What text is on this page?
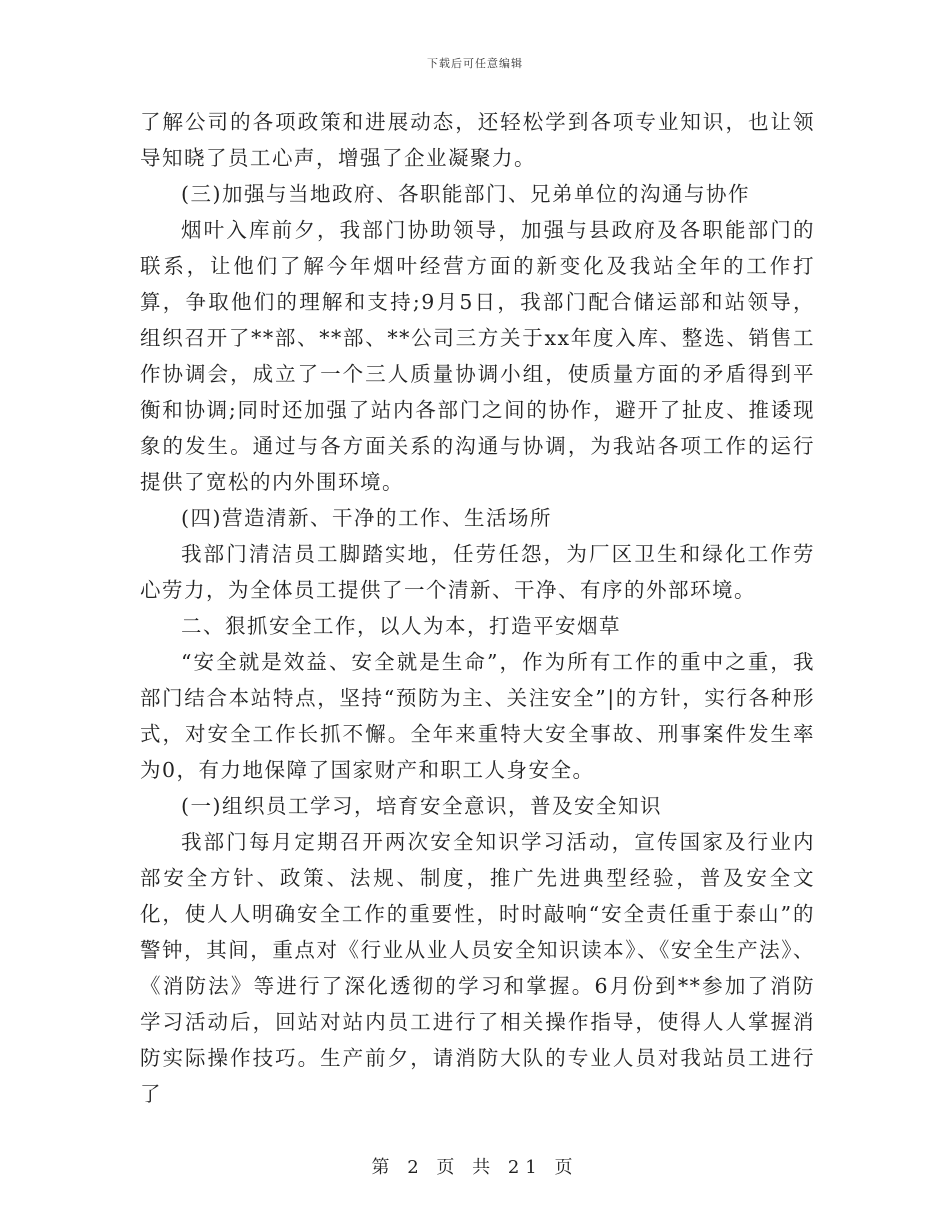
下载后可任意编辑

了解公司的各项政策和进展动态，还轻松学到各项专业知识，也让领导知晓了员工心声，增强了企业凝聚力。

(三)加强与当地政府、各职能部门、兄弟单位的沟通与协作

烟叶入库前夕，我部门协助领导，加强与县政府及各职能部门的联系，让他们了解今年烟叶经营方面的新变化及我站全年的工作打算，争取他们的理解和支持;9月5日，我部门配合储运部和站领导，组织召开了**部、**部、**公司三方关于xx年度入库、整选、销售工作协调会，成立了一个三人质量协调小组，使质量方面的矛盾得到平衡和协调;同时还加强了站内各部门之间的协作，避开了扯皮、推诿现象的发生。通过与各方面关系的沟通与协调，为我站各项工作的运行提供了宽松的内外围环境。

(四)营造清新、干净的工作、生活场所

我部门清洁员工脚踏实地，任劳任怨，为厂区卫生和绿化工作劳心劳力，为全体员工提供了一个清新、干净、有序的外部环境。

二、狠抓安全工作，以人为本，打造平安烟草

“安全就是效益、安全就是生命”，作为所有工作的重中之重，我部门结合本站特点，坚持“预防为主、关注安全”|的方针，实行各种形式，对安全工作长抓不懈。全年来重特大安全事故、刑事案件发生率为0，有力地保障了国家财产和职工人身安全。

(一)组织员工学习，培育安全意识，普及安全知识

我部门每月定期召开两次安全知识学习活动，宣传国家及行业内部安全方针、政策、法规、制度，推广先进典型经验，普及安全文化，使人人明确安全工作的重要性，时时敲响“安全责任重于泰山”的警钟，其间，重点对《行业从业人员安全知识读本》、《安全生产法》、《消防法》等进行了深化透彻的学习和掌握。6月份到**参加了消防学习活动后，回站对站内员工进行了相关操作指导，使得人人掌握消防实际操作技巧。生产前夕，请消防大队的专业人员对我站员工进行了

第 2 页 共 21 页
